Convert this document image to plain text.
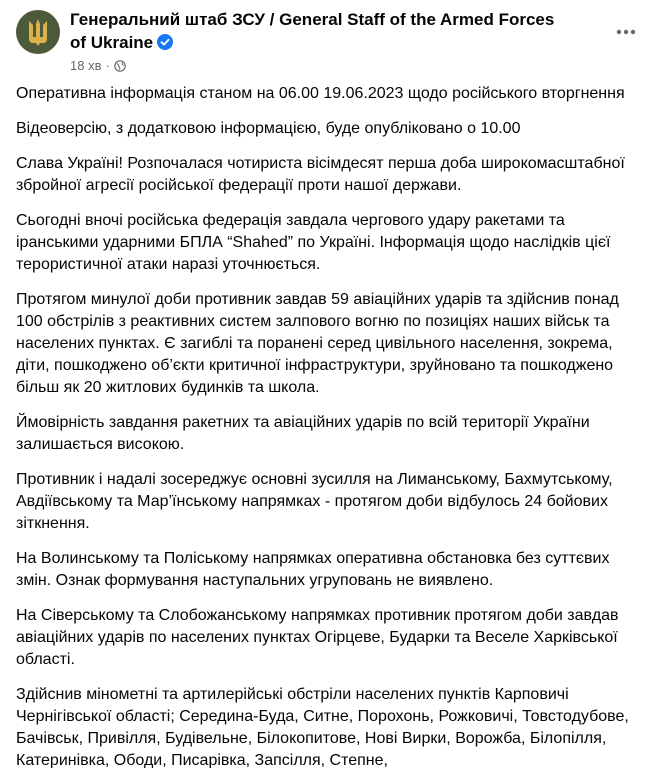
Генеральний штаб ЗСУ / General Staff of the Armed Forces of Ukraine
18 хв ·

Оперативна інформація станом на 06.00 19.06.2023 щодо російського вторгнення

Відеоверсію, з додатковою інформацією, буде опубліковано о 10.00

Слава Україні! Розпочалася чотириста вісімдесят перша доба широкомасштабної збройної агресії російської федерації проти нашої держави.

Сьогодні вночі російська федерація завдала чергового удару ракетами та іранськими ударними БПЛА “Shahed” по Україні. Інформація щодо наслідків цієї терористичної атаки наразі уточнюється.

Протягом минулої доби противник завдав 59 авіаційних ударів та здійснив понад 100 обстрілів з реактивних систем залпового вогню по позиціях наших військ та населених пунктах. Є загиблі та поранені серед цивільного населення, зокрема, діти, пошкоджено об’єкти критичної інфраструктури, зруйновано та пошкоджено більш як 20 житлових будинків та школа.

Ймовірність завдання ракетних та авіаційних ударів по всій території України залишається високою.

Противник і надалі зосереджує основні зусилля на Лиманському, Бахмутському, Авдіївському та Мар’їнському напрямках - протягом доби відбулось 24 бойових зіткнення.

На Волинському та Поліському напрямках оперативна обстановка без суттєвих змін. Ознак формування наступальних угруповань не виявлено.

На Сіверському та Слобожанському напрямках противник протягом доби завдав авіаційних ударів по населених пунктах Огірцеве, Бударки та Веселе Харківської області.

Здійснив мінометні та артилерійські обстріли населених пунктів Карповичі Чернігівської області; Середина-Буда, Ситне, Порохонь, Рожковичі, Товстодубове, Бачівськ, Привілля, Будівельне, Білокопитове, Нові Вирки, Ворожба, Білопілля, Катеринівка, Ободи, Писарівка, Запсілля, Степне,
